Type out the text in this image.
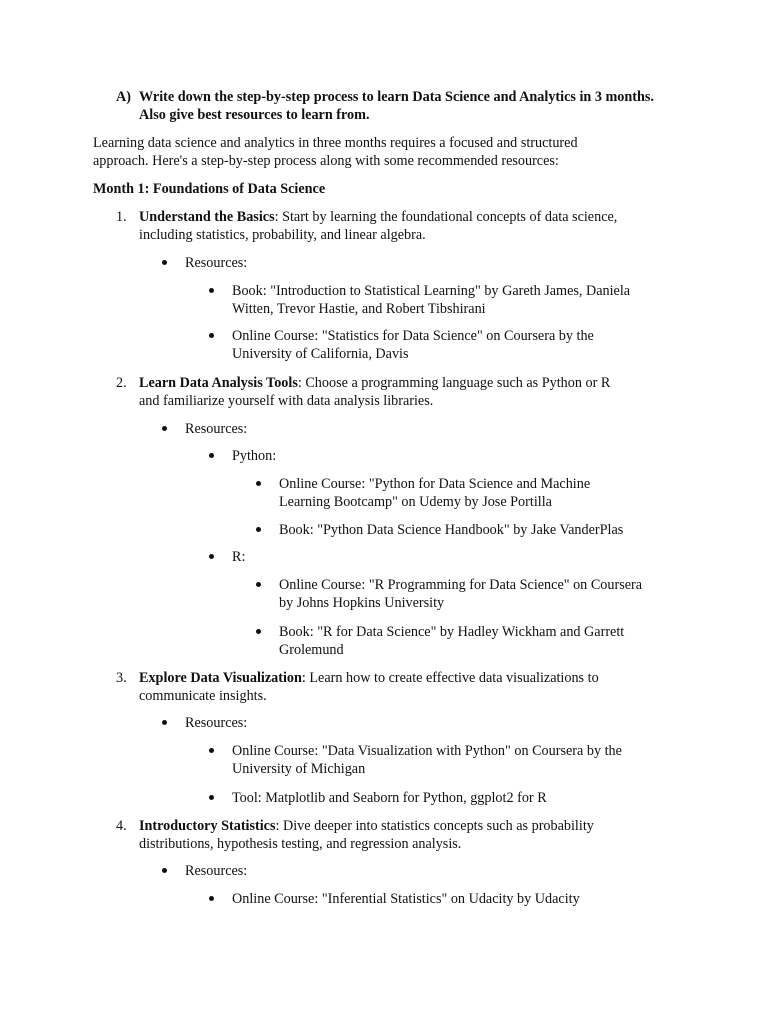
A) Write down the step-by-step process to learn Data Science and Analytics in 3 months.
Also give best resources to learn from.
Learning data science and analytics in three months requires a focused and structured
approach. Here's a step-by-step process along with some recommended resources:
Month 1: Foundations of Data Science
1. Understand the Basics: Start by learning the foundational concepts of data science,
including statistics, probability, and linear algebra.
Resources:
Book: "Introduction to Statistical Learning" by Gareth James, Daniela
Witten, Trevor Hastie, and Robert Tibshirani
Online Course: "Statistics for Data Science" on Coursera by the
University of California, Davis
2. Learn Data Analysis Tools: Choose a programming language such as Python or R
and familiarize yourself with data analysis libraries.
Resources:
Python:
Online Course: "Python for Data Science and Machine
Learning Bootcamp" on Udemy by Jose Portilla
Book: "Python Data Science Handbook" by Jake VanderPlas
R:
Online Course: "R Programming for Data Science" on Coursera
by Johns Hopkins University
Book: "R for Data Science" by Hadley Wickham and Garrett
Grolemund
3. Explore Data Visualization: Learn how to create effective data visualizations to
communicate insights.
Resources:
Online Course: "Data Visualization with Python" on Coursera by the
University of Michigan
Tool: Matplotlib and Seaborn for Python, ggplot2 for R
4. Introductory Statistics: Dive deeper into statistics concepts such as probability
distributions, hypothesis testing, and regression analysis.
Resources:
Online Course: "Inferential Statistics" on Udacity by Udacity
